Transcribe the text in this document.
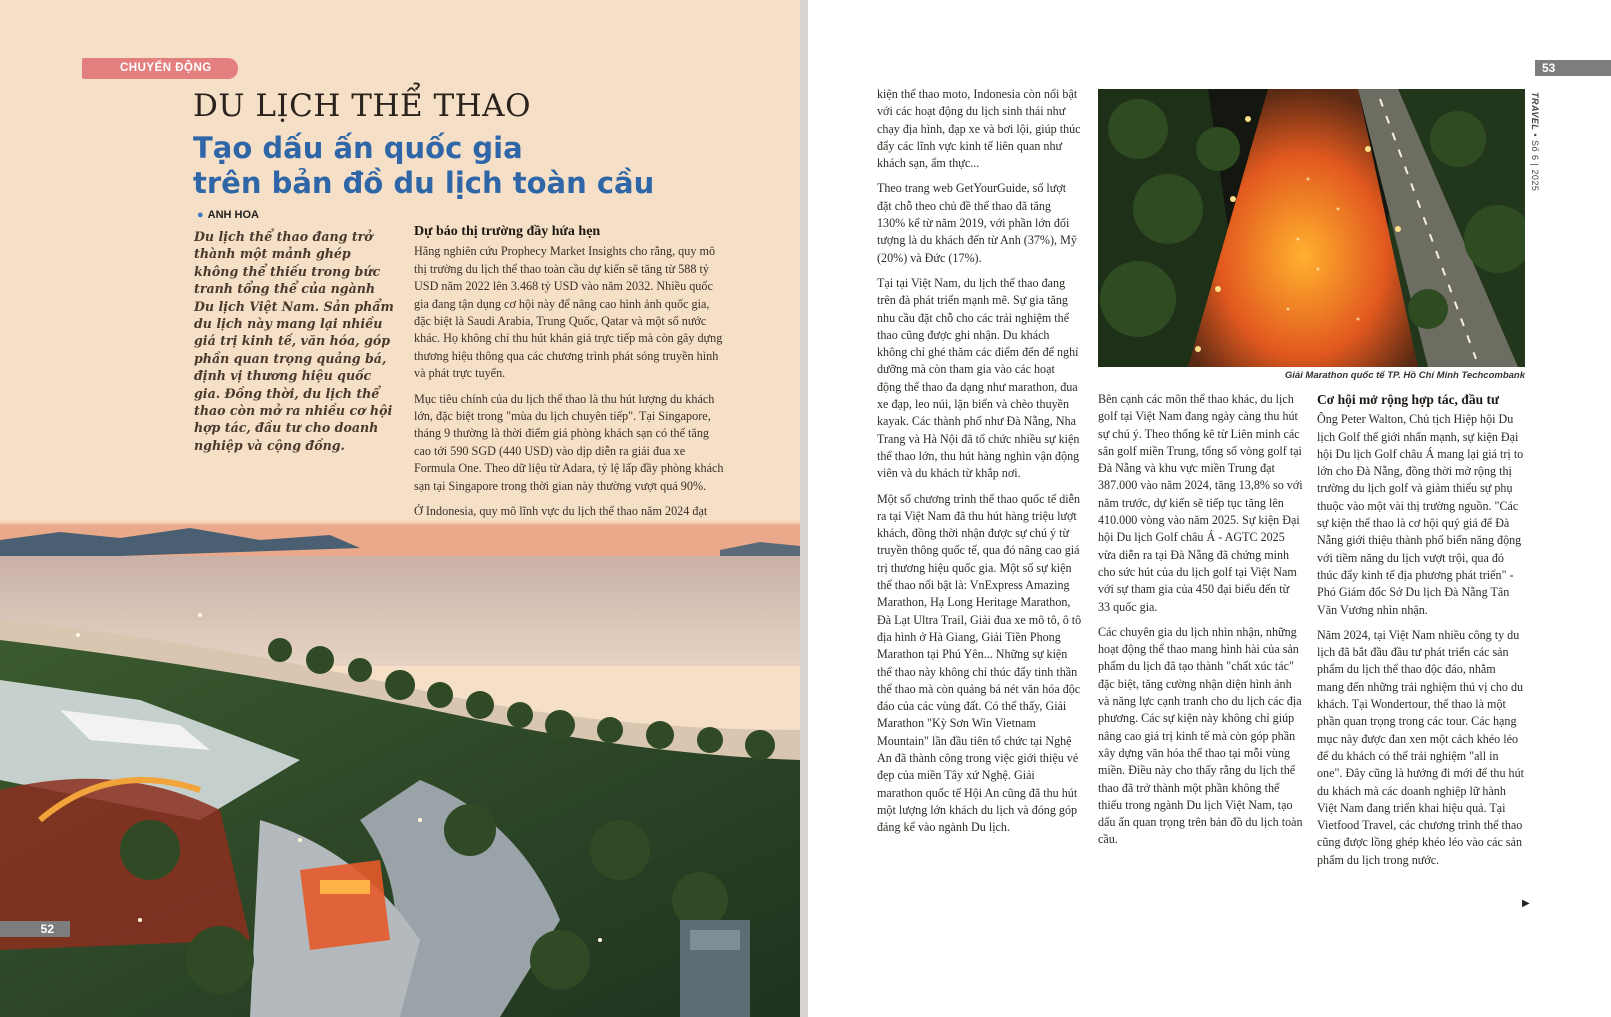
CHUYỂN ĐỘNG
DU LỊCH THỂ THAO
Tạo dấu ấn quốc gia
trên bản đồ du lịch toàn cầu
● ANH HOA
Du lịch thể thao đang trở thành một mảnh ghép không thể thiếu trong bức tranh tổng thể của ngành Du lịch Việt Nam. Sản phẩm du lịch này mang lại nhiều giá trị kinh tế, văn hóa, góp phần quan trọng quảng bá, định vị thương hiệu quốc gia. Đồng thời, du lịch thể thao còn mở ra nhiều cơ hội hợp tác, đầu tư cho doanh nghiệp và cộng đồng.
Dự báo thị trường đầy hứa hẹn

Hãng nghiên cứu Prophecy Market Insights cho rằng, quy mô thị trường du lịch thể thao toàn cầu dự kiến sẽ tăng từ 588 tỷ USD năm 2022 lên 3.468 tỷ USD vào năm 2032. Nhiều quốc gia đang tận dụng cơ hội này để nâng cao hình ảnh quốc gia, đặc biệt là Saudi Arabia, Trung Quốc, Qatar và một số nước khác. Họ không chỉ thu hút khán giả trực tiếp mà còn gây dựng thương hiệu thông qua các chương trình phát sóng truyền hình và phát trực tuyến.

Mục tiêu chính của du lịch thể thao là thu hút lượng du khách lớn, đặc biệt trong "mùa du lịch chuyên tiếp". Tại Singapore, tháng 9 thường là thời điểm giá phòng khách sạn có thể tăng cao tới 590 SGD (440 USD) vào dịp diễn ra giải đua xe Formula One. Theo dữ liệu từ Adara, tỷ lệ lấp đầy phòng khách sạn tại Singapore trong thời gian này thường vượt quá 90%.

Ở Indonesia, quy mô lĩnh vực du lịch thể thao năm 2024 đạt

52
53
TRAVEL • Số 6 | 2025

kiện thể thao moto, Indonesia còn nổi bật với các hoạt động du lịch sinh thái như chạy địa hình, đạp xe và bơi lội, giúp thúc đẩy các lĩnh vực kinh tế liên quan như khách sạn, ẩm thực...

Theo trang web GetYourGuide, số lượt đặt chỗ theo chủ đề thể thao đã tăng 130% kể từ năm 2019, với phần lớn đối tượng là du khách đến từ Anh (37%), Mỹ (20%) và Đức (17%).

Tại tại Việt Nam, du lịch thể thao đang trên đà phát triển mạnh mẽ. Sự gia tăng nhu cầu đặt chỗ cho các trải nghiệm thể thao cũng được ghi nhận. Du khách không chỉ ghé thăm các điểm đến để nghỉ dưỡng mà còn tham gia vào các hoạt động thể thao đa dạng như marathon, đua xe đạp, leo núi, lặn biển và chèo thuyền kayak. Các thành phố như Đà Nẵng, Nha Trang và Hà Nội đã tổ chức nhiều sự kiện thể thao lớn, thu hút hàng nghìn vận động viên và du khách từ khắp nơi.

Một số chương trình thể thao quốc tế diễn ra tại Việt Nam đã thu hút hàng triệu lượt khách, đồng thời nhận được sự chú ý từ truyền thông quốc tế, qua đó nâng cao giá trị thương hiệu quốc gia. Một số sự kiện thể thao nổi bật là: VnExpress Amazing Marathon, Hạ Long Heritage Marathon, Đà Lạt Ultra Trail, Giải đua xe mô tô, ô tô địa hình ở Hà Giang, Giải Tiền Phong Marathon tại Phú Yên... Những sự kiện thể thao này không chỉ thúc đẩy tinh thần thể thao mà còn quảng bá nét văn hóa độc đáo của các vùng đất. Có thể thấy, Giải Marathon "Kỳ Sơn Win Vietnam Mountain" lần đầu tiên tổ chức tại Nghệ An đã thành công trong việc giới thiệu vẻ đẹp của miền Tây xứ Nghệ. Giải marathon quốc tế Hội An cũng đã thu hút một lượng lớn khách du lịch và đóng góp đáng kể vào ngành Du lịch.

Giải Marathon quốc tế TP. Hồ Chí Minh Techcombank

Bên cạnh các môn thể thao khác, du lịch golf tại Việt Nam đang ngày càng thu hút sự chú ý. Theo thống kê từ Liên minh các sân golf miền Trung, tổng số vòng golf tại Đà Nẵng và khu vực miền Trung đạt 387.000 vào năm 2024, tăng 13,8% so với năm trước, dự kiến sẽ tiếp tục tăng lên 410.000 vòng vào năm 2025. Sự kiện Đại hội Du lịch Golf châu Á - AGTC 2025 vừa diễn ra tại Đà Nẵng đã chứng minh cho sức hút của du lịch golf tại Việt Nam với sự tham gia của 450 đại biểu đến từ 33 quốc gia.

Các chuyên gia du lịch nhìn nhận, những hoạt động thể thao mang hình hài của sản phẩm du lịch đã tạo thành "chất xúc tác" đặc biệt, tăng cường nhận diện hình ảnh và năng lực cạnh tranh cho du lịch các địa phương. Các sự kiện này không chỉ giúp nâng cao giá trị kinh tế mà còn góp phần xây dựng văn hóa thể thao tại mỗi vùng miền. Điều này cho thấy rằng du lịch thể thao đã trở thành một phần không thể thiếu trong ngành Du lịch Việt Nam, tạo dấu ấn quan trọng trên bản đồ du lịch toàn cầu.

Cơ hội mở rộng hợp tác, đầu tư

Ông Peter Walton, Chủ tịch Hiệp hội Du lịch Golf thế giới nhấn mạnh, sự kiện Đại hội Du lịch Golf châu Á mang lại giá trị to lớn cho Đà Nẵng, đồng thời mở rộng thị trường du lịch golf và giảm thiểu sự phụ thuộc vào một vài thị trường nguồn. "Các sự kiện thể thao là cơ hội quý giá để Đà Nẵng giới thiệu thành phố biển năng động với tiềm năng du lịch vượt trội, qua đó thúc đẩy kinh tế địa phương phát triển" - Phó Giám đốc Sở Du lịch Đà Nẵng Tân Văn Vương nhìn nhận.

Năm 2024, tại Việt Nam nhiều công ty du lịch đã bắt đầu đầu tư phát triển các sản phẩm du lịch thể thao độc đáo, nhằm mang đến những trải nghiệm thú vị cho du khách. Tại Wondertour, thể thao là một phần quan trọng trong các tour. Các hạng mục này được đan xen một cách khéo léo để du khách có thể trải nghiệm "all in one". Đây cũng là hướng đi mới để thu hút du khách mà các doanh nghiệp lữ hành Việt Nam đang triển khai hiệu quả. Tại Vietfood Travel, các chương trình thể thao cũng được lồng ghép khéo léo vào các sản phẩm du lịch trong nước.

▶
